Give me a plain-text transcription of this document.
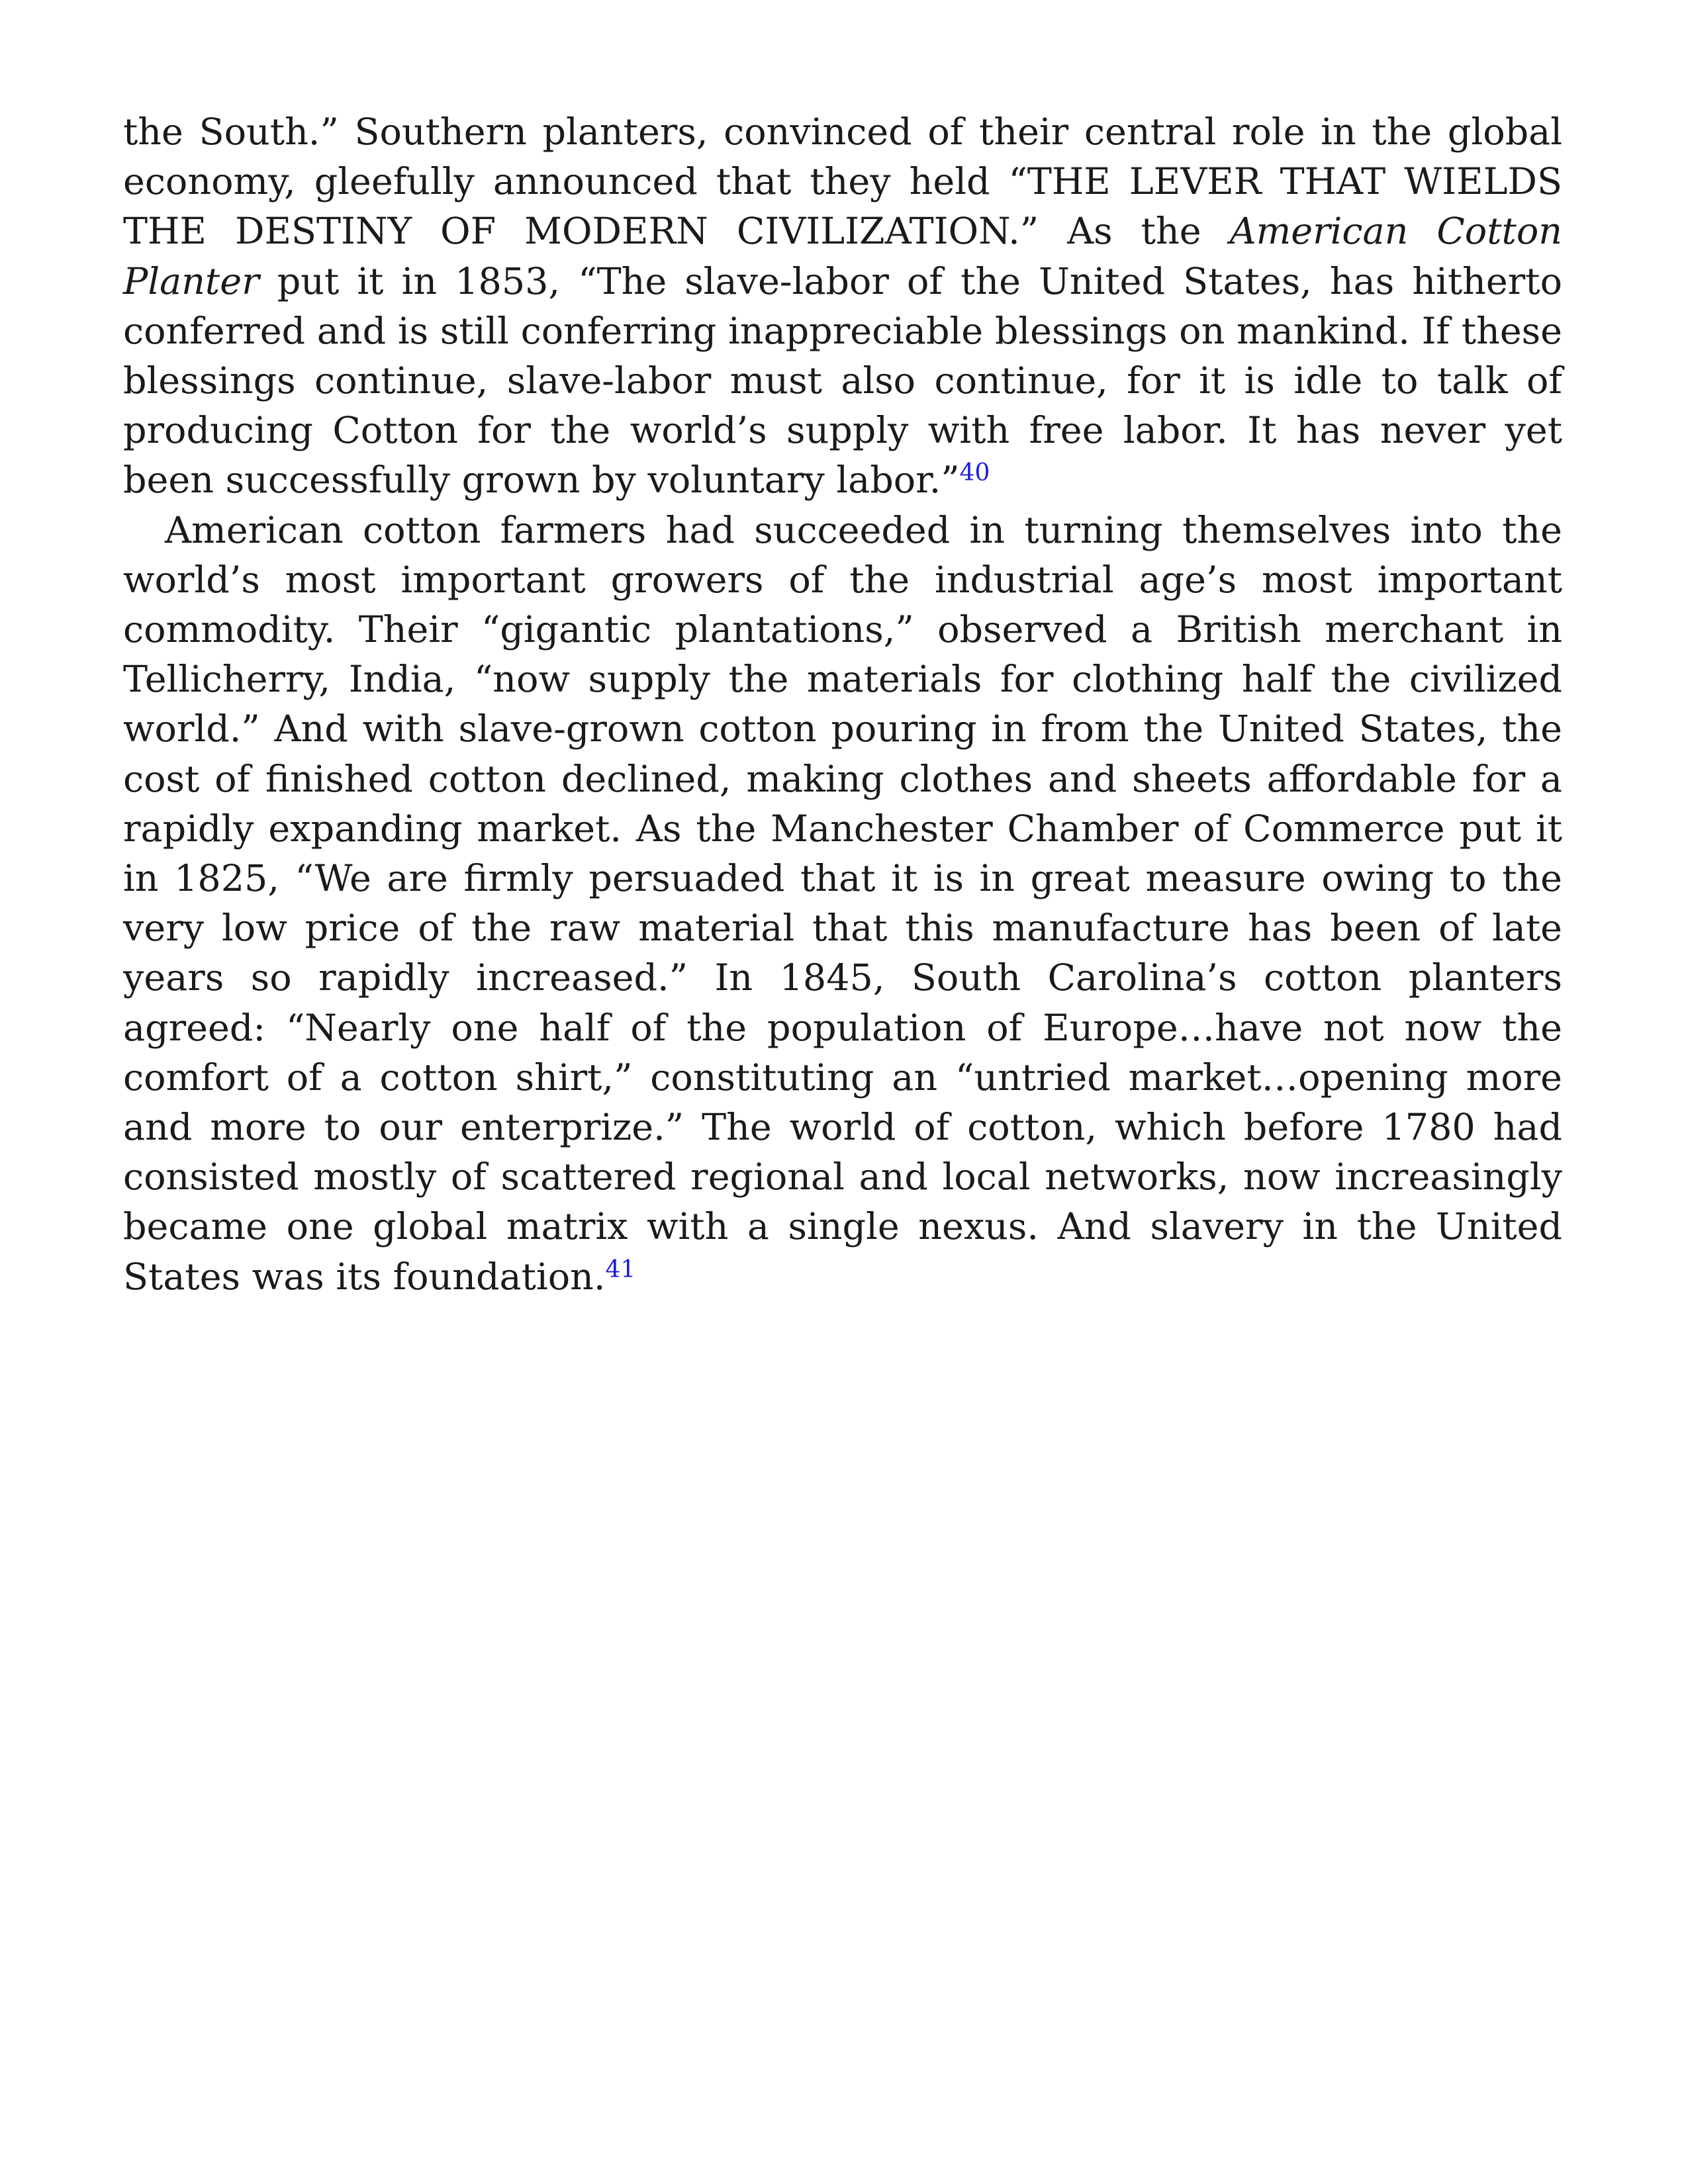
the South.” Southern planters, convinced of their central role in the global economy, gleefully announced that they held “THE LEVER THAT WIELDS THE DESTINY OF MODERN CIVILIZATION.” As the American Cotton Planter put it in 1853, “The slave-labor of the United States, has hitherto conferred and is still conferring inappreciable blessings on mankind. If these blessings continue, slave-labor must also continue, for it is idle to talk of producing Cotton for the world’s supply with free labor. It has never yet been successfully grown by voluntary labor.”$^{40}$

American cotton farmers had succeeded in turning themselves into the world’s most important growers of the industrial age’s most important commodity. Their “gigantic plantations,” observed a British merchant in Tellicherry, India, “now supply the materials for clothing half the civilized world.” And with slave-grown cotton pouring in from the United States, the cost of finished cotton declined, making clothes and sheets affordable for a rapidly expanding market. As the Manchester Chamber of Commerce put it in 1825, “We are firmly persuaded that it is in great measure owing to the very low price of the raw material that this manufacture has been of late years so rapidly increased.” In 1845, South Carolina’s cotton planters agreed: “Nearly one half of the population of Europe…have not now the comfort of a cotton shirt,” constituting an “untried market…opening more and more to our enterprize.” The world of cotton, which before 1780 had consisted mostly of scattered regional and local networks, now increasingly became one global matrix with a single nexus. And slavery in the United States was its foundation.$^{41}$
